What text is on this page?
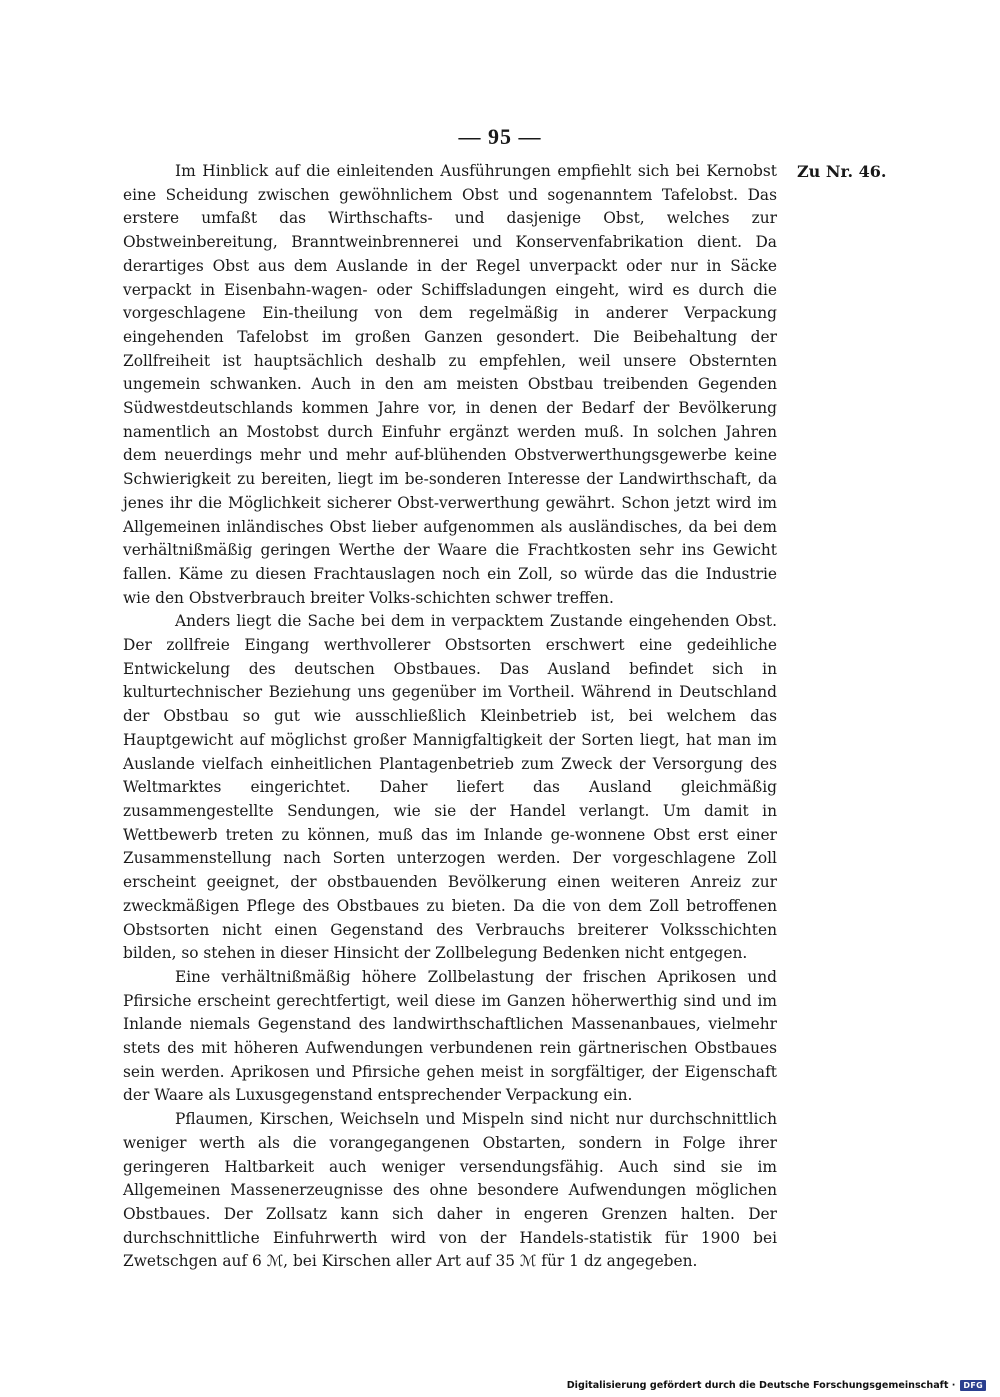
— 95 —
Zu Nr. 46.

Im Hinblick auf die einleitenden Ausführungen empfiehlt sich bei Kernobst eine Scheidung zwischen gewöhnlichem Obst und sogenanntem Tafelobst. Das erstere umfaßt das Wirthschafts- und dasjenige Obst, welches zur Obstweinbereitung, Branntweinbrennerei und Konservenfabrikation dient. Da derartiges Obst aus dem Auslande in der Regel unverpackt oder nur in Säcke verpackt in Eisenbahn-wagen- oder Schiffsladungen eingeht, wird es durch die vorgeschlagene Ein-theilung von dem regelmäßig in anderer Verpackung eingehenden Tafelobst im großen Ganzen gesondert. Die Beibehaltung der Zollfreiheit ist hauptsächlich deshalb zu empfehlen, weil unsere Obsternten ungemein schwanken. Auch in den am meisten Obstbau treibenden Gegenden Südwestdeutschlands kommen Jahre vor, in denen der Bedarf der Bevölkerung namentlich an Mostobst durch Einfuhr ergänzt werden muß. In solchen Jahren dem neuerdings mehr und mehr auf-blühenden Obstverwerthungsgewerbe keine Schwierigkeit zu bereiten, liegt im be-sonderen Interesse der Landwirthschaft, da jenes ihr die Möglichkeit sicherer Obst-verwerthung gewährt. Schon jetzt wird im Allgemeinen inländisches Obst lieber aufgenommen als ausländisches, da bei dem verhältnißmäßig geringen Werthe der Waare die Frachtkosten sehr ins Gewicht fallen. Käme zu diesen Frachtauslagen noch ein Zoll, so würde das die Industrie wie den Obstverbrauch breiter Volks-schichten schwer treffen.

Anders liegt die Sache bei dem in verpacktem Zustande eingehenden Obst. Der zollfreie Eingang werthvollerer Obstsorten erschwert eine gedeihliche Entwickelung des deutschen Obstbaues. Das Ausland befindet sich in kulturtechnischer Beziehung uns gegenüber im Vortheil. Während in Deutschland der Obstbau so gut wie ausschließlich Kleinbetrieb ist, bei welchem das Hauptgewicht auf möglichst großer Mannigfaltigkeit der Sorten liegt, hat man im Auslande vielfach einheitlichen Plantagenbetrieb zum Zweck der Versorgung des Weltmarktes eingerichtet. Daher liefert das Ausland gleichmäßig zusammengestellte Sendungen, wie sie der Handel verlangt. Um damit in Wettbewerb treten zu können, muß das im Inlande ge-wonnene Obst erst einer Zusammenstellung nach Sorten unterzogen werden. Der vorgeschlagene Zoll erscheint geeignet, der obstbauenden Bevölkerung einen weiteren Anreiz zur zweckmäßigen Pflege des Obstbaues zu bieten. Da die von dem Zoll betroffenen Obstsorten nicht einen Gegenstand des Verbrauchs breiterer Volksschichten bilden, so stehen in dieser Hinsicht der Zollbelegung Bedenken nicht entgegen.

Eine verhältnißmäßig höhere Zollbelastung der frischen Aprikosen und Pfirsiche erscheint gerechtfertigt, weil diese im Ganzen höherwerthig sind und im Inlande niemals Gegenstand des landwirthschaftlichen Massenanbaues, vielmehr stets des mit höheren Aufwendungen verbundenen rein gärtnerischen Obstbaues sein werden. Aprikosen und Pfirsiche gehen meist in sorgfältiger, der Eigenschaft der Waare als Luxusgegenstand entsprechender Verpackung ein.

Pflaumen, Kirschen, Weichseln und Mispeln sind nicht nur durchschnittlich weniger werth als die vorangegangenen Obstarten, sondern in Folge ihrer geringeren Haltbarkeit auch weniger versendungsfähig. Auch sind sie im Allgemeinen Massenerzeugnisse des ohne besondere Aufwendungen möglichen Obstbaues. Der Zollsatz kann sich daher in engeren Grenzen halten. Der durchschnittliche Einfuhrwerth wird von der Handels-statistik für 1900 bei Zwetschgen auf 6 ℳ, bei Kirschen aller Art auf 35 ℳ für 1 dz angegeben.

Digitalisierung gefördert durch die Deutsche Forschungsgemeinschaft ·	DFG
